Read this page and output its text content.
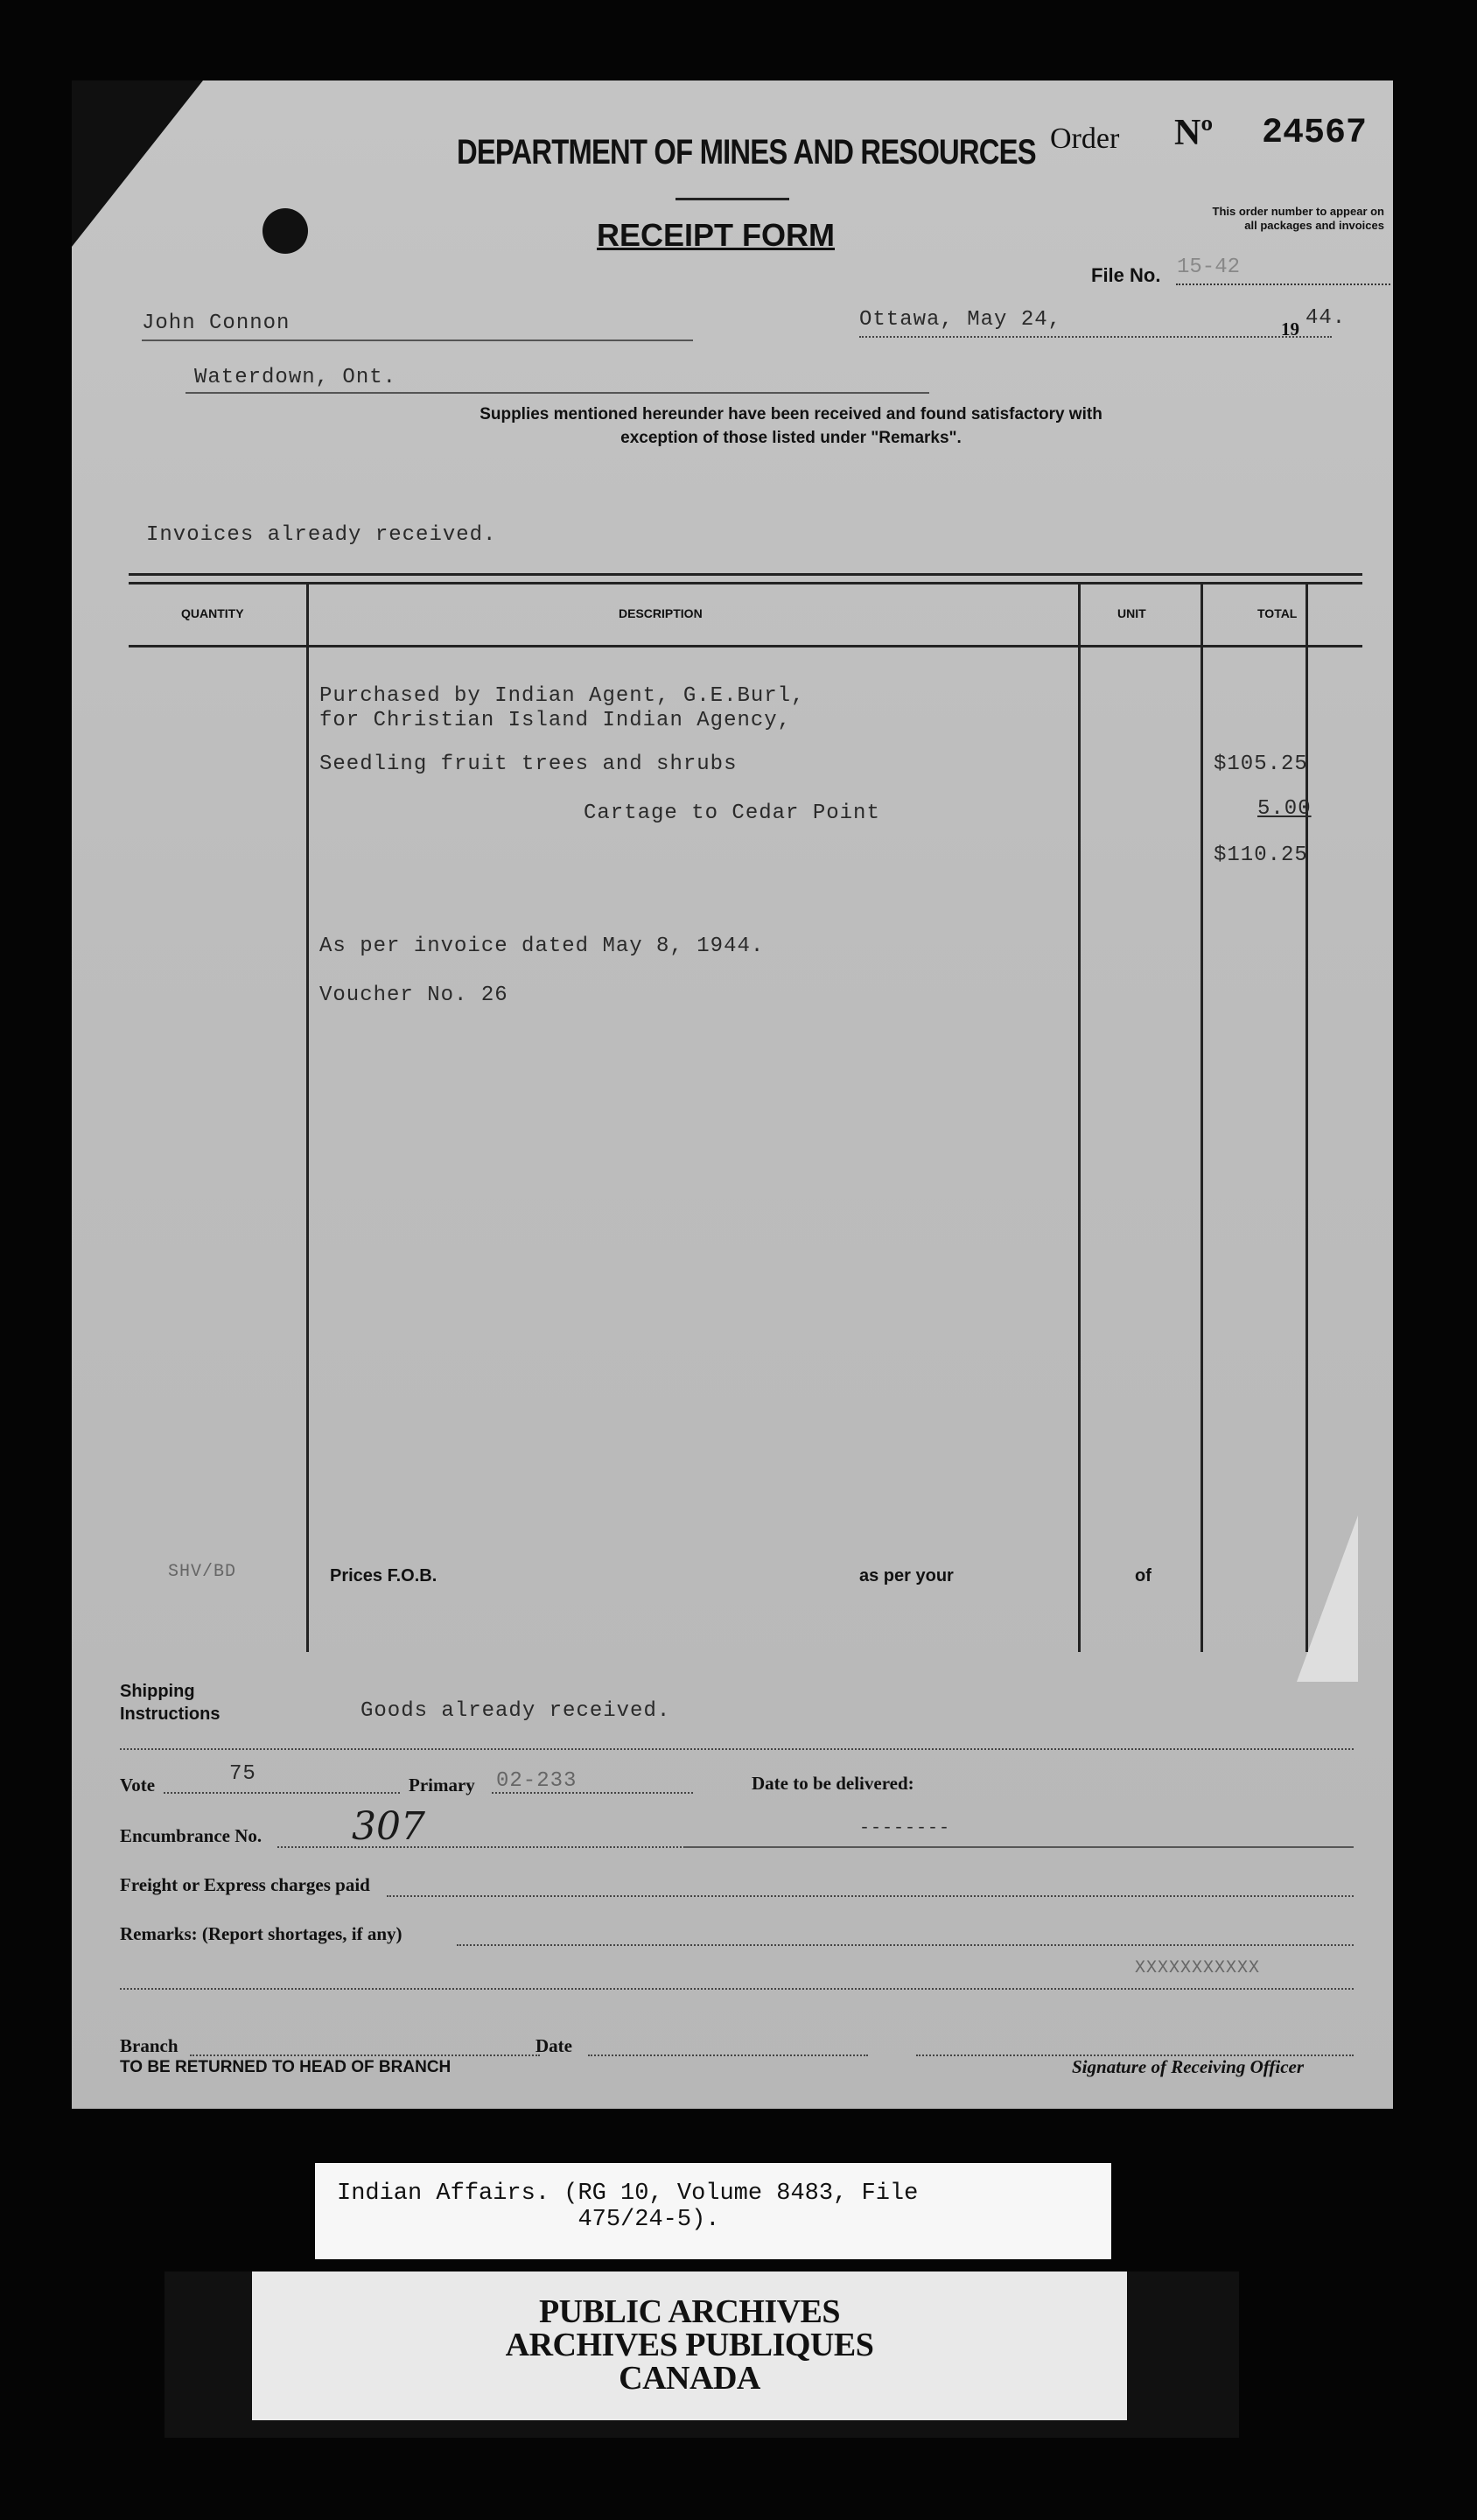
DEPARTMENT OF MINES AND RESOURCES
RECEIPT FORM
Order Nº 24567
This order number to appear on
all packages and invoices
File No. 15-42
John Connon	Ottawa, May 24,	19 44.
Waterdown, Ont.
Supplies mentioned hereunder have been received and found satisfactory with
exception of those listed under "Remarks".
Invoices already received.
QUANTITY	DESCRIPTION	UNIT	TOTAL
Purchased by Indian Agent, G.E.Burl,
for Christian Island Indian Agency,
Seedling fruit trees and shrubs	$105.25
Cartage to Cedar Point	5.00
$110.25
As per invoice dated May 8, 1944.
Voucher No. 26
SHV/BD	Prices F.O.B.	as per your	of
Shipping
Instructions	Goods already received.
Vote	75	Primary 02-233	Date to be delivered:
Encumbrance No. 307	--------
Freight or Express charges paid
Remarks: (Report shortages, if any)
XXXXXXXXXXX
Branch	Date
TO BE RETURNED TO HEAD OF BRANCH	Signature of Receiving Officer
Indian Affairs. (RG 10, Volume 8483, File
475/24-5).
PUBLIC ARCHIVES
ARCHIVES PUBLIQUES
CANADA
